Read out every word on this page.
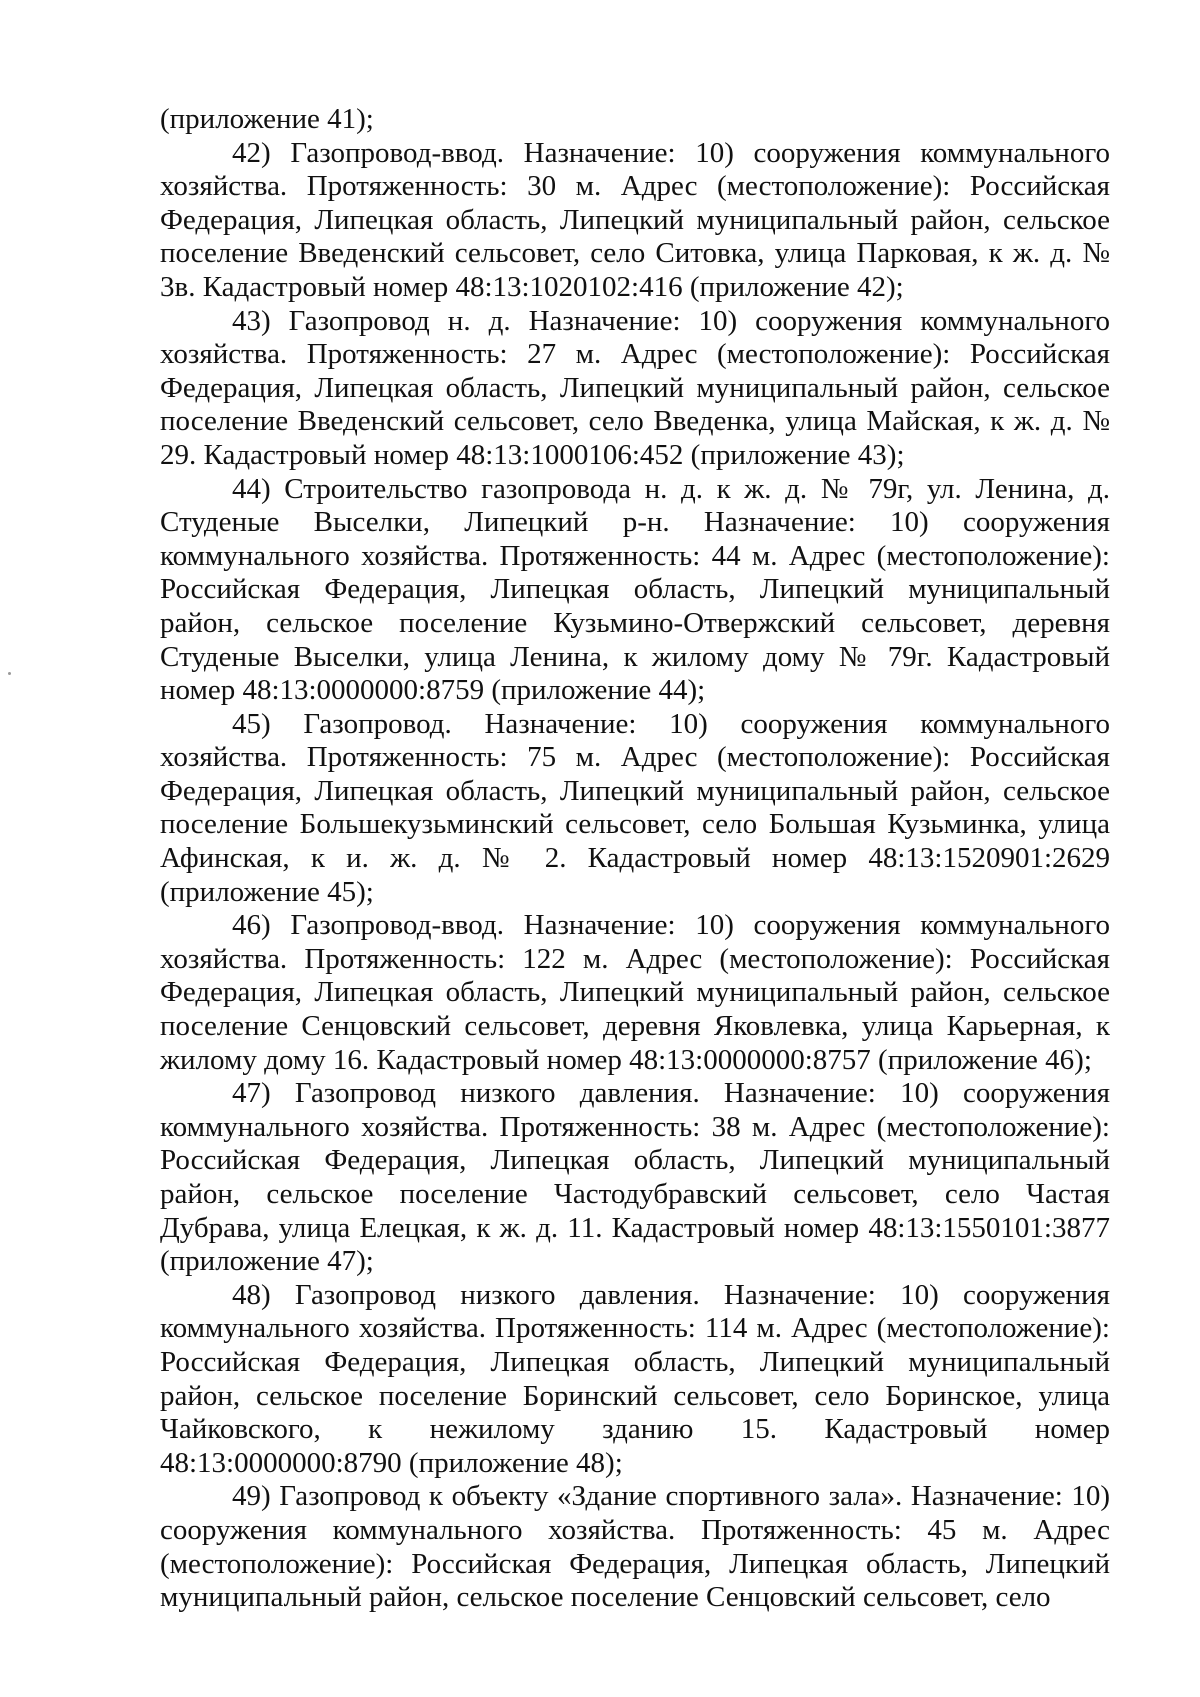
(приложение 41);

42) Газопровод-ввод. Назначение: 10) сооружения коммунального хозяйства. Протяженность: 30 м. Адрес (местоположение): Российская Федерация, Липецкая область, Липецкий муниципальный район, сельское поселение Введенский сельсовет, село Ситовка, улица Парковая, к ж. д. № 3в. Кадастровый номер 48:13:1020102:416 (приложение 42);

43) Газопровод н. д. Назначение: 10) сооружения коммунального хозяйства. Протяженность: 27 м. Адрес (местоположение): Российская Федерация, Липецкая область, Липецкий муниципальный район, сельское поселение Введенский сельсовет, село Введенка, улица Майская, к ж. д. № 29. Кадастровый номер 48:13:1000106:452 (приложение 43);

44) Строительство газопровода н. д. к ж. д. № 79г, ул. Ленина, д. Студеные Выселки, Липецкий р-н. Назначение: 10) сооружения коммунального хозяйства. Протяженность: 44 м. Адрес (местоположение): Российская Федерация, Липецкая область, Липецкий муниципальный район, сельское поселение Кузьмино-Отвержский сельсовет, деревня Студеные Выселки, улица Ленина, к жилому дому № 79г. Кадастровый номер 48:13:0000000:8759 (приложение 44);

45) Газопровод. Назначение: 10) сооружения коммунального хозяйства. Протяженность: 75 м. Адрес (местоположение): Российская Федерация, Липецкая область, Липецкий муниципальный район, сельское поселение Большекузьминский сельсовет, село Большая Кузьминка, улица Афинская, к и. ж. д. № 2. Кадастровый номер 48:13:1520901:2629 (приложение 45);

46) Газопровод-ввод. Назначение: 10) сооружения коммунального хозяйства. Протяженность: 122 м. Адрес (местоположение): Российская Федерация, Липецкая область, Липецкий муниципальный район, сельское поселение Сенцовский сельсовет, деревня Яковлевка, улица Карьерная, к жилому дому 16. Кадастровый номер 48:13:0000000:8757 (приложение 46);

47) Газопровод низкого давления. Назначение: 10) сооружения коммунального хозяйства. Протяженность: 38 м. Адрес (местоположение): Российская Федерация, Липецкая область, Липецкий муниципальный район, сельское поселение Частодубравский сельсовет, село Частая Дубрава, улица Елецкая, к ж. д. 11. Кадастровый номер 48:13:1550101:3877 (приложение 47);

48) Газопровод низкого давления. Назначение: 10) сооружения коммунального хозяйства. Протяженность: 114 м. Адрес (местоположение): Российская Федерация, Липецкая область, Липецкий муниципальный район, сельское поселение Боринский сельсовет, село Боринское, улица Чайковского, к нежилому зданию 15. Кадастровый номер 48:13:0000000:8790 (приложение 48);

49) Газопровод к объекту «Здание спортивного зала». Назначение: 10) сооружения коммунального хозяйства. Протяженность: 45 м. Адрес (местоположение): Российская Федерация, Липецкая область, Липецкий муниципальный район, сельское поселение Сенцовский сельсовет, село
